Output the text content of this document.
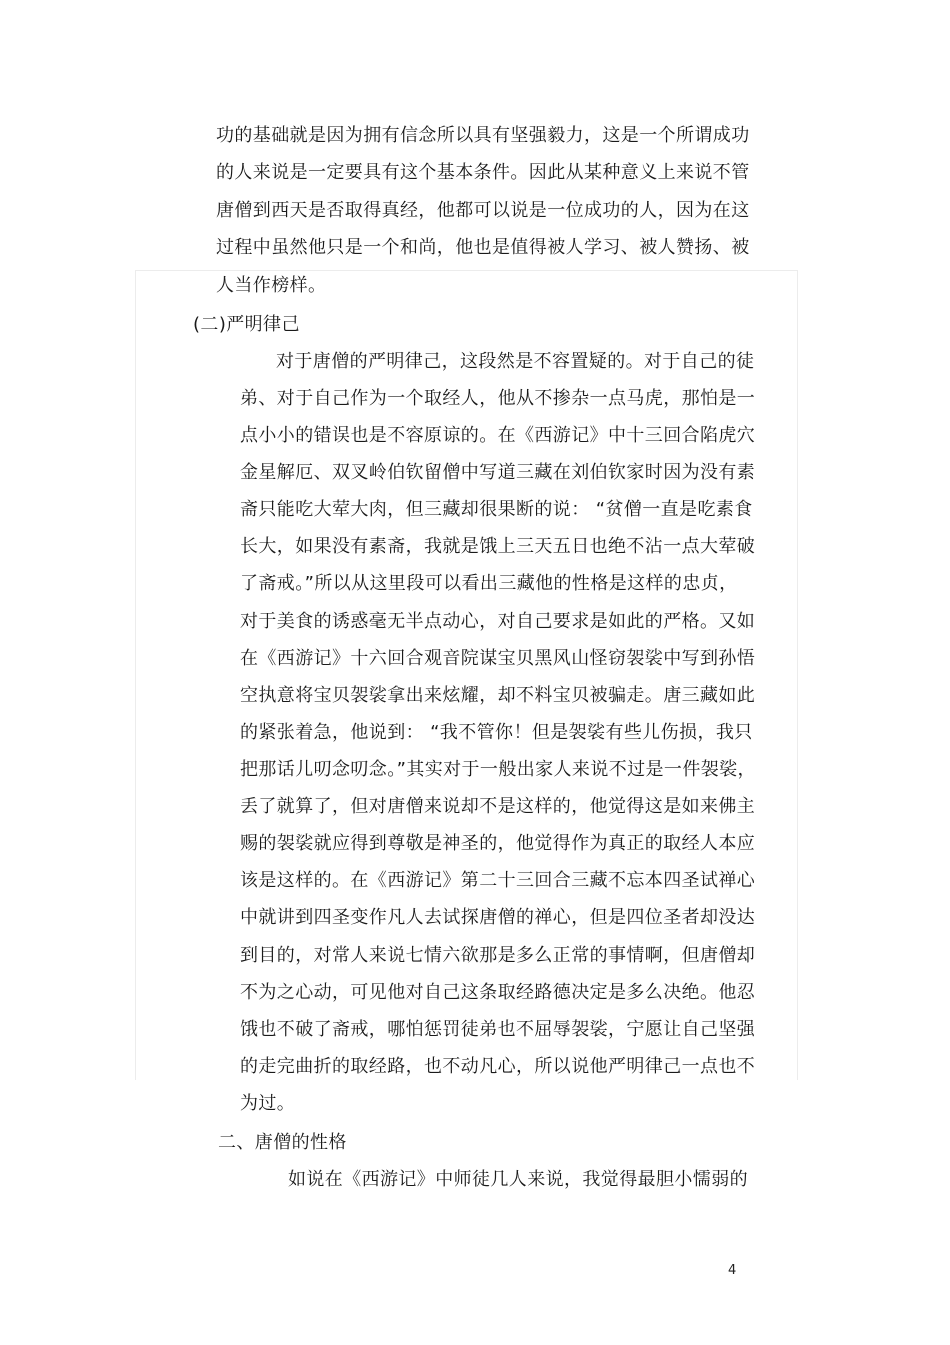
功的基础就是因为拥有信念所以具有坚强毅力，这是一个所谓成功
的人来说是一定要具有这个基本条件。因此从某种意义上来说不管
唐僧到西天是否取得真经，他都可以说是一位成功的人，因为在这
过程中虽然他只是一个和尚，他也是值得被人学习、被人赞扬、被
人当作榜样。
(二)严明律己
对于唐僧的严明律己，这段然是不容置疑的。对于自己的徒
弟、对于自己作为一个取经人，他从不掺杂一点马虎，那怕是一
点小小的错误也是不容原谅的。在《西游记》中十三回合陷虎穴
金星解厄、双叉岭伯钦留僧中写道三藏在刘伯钦家时因为没有素
斋只能吃大荤大肉，但三藏却很果断的说： “贫僧一直是吃素食
长大，如果没有素斋，我就是饿上三天五日也绝不沾一点大荤破
了斋戒。”所以从这里段可以看出三藏他的性格是这样的忠贞，
对于美食的诱惑毫无半点动心，对自己要求是如此的严格。又如
在《西游记》十六回合观音院谋宝贝黑风山怪窃袈裟中写到孙悟
空执意将宝贝袈裟拿出来炫耀，却不料宝贝被骗走。唐三藏如此
的紧张着急，他说到： “我不管你！但是袈裟有些儿伤损，我只
把那话儿叨念叨念。”其实对于一般出家人来说不过是一件袈裟，
丢了就算了，但对唐僧来说却不是这样的，他觉得这是如来佛主
赐的袈裟就应得到尊敬是神圣的，他觉得作为真正的取经人本应
该是这样的。在《西游记》第二十三回合三藏不忘本四圣试禅心
中就讲到四圣变作凡人去试探唐僧的禅心，但是四位圣者却没达
到目的，对常人来说七情六欲那是多么正常的事情啊，但唐僧却
不为之心动，可见他对自己这条取经路德决定是多么决绝。他忍
饿也不破了斋戒，哪怕惩罚徒弟也不屈辱袈裟，宁愿让自己坚强
的走完曲折的取经路，也不动凡心，所以说他严明律己一点也不
为过。
二、唐僧的性格
如说在《西游记》中师徒几人来说，我觉得最胆小懦弱的
4
